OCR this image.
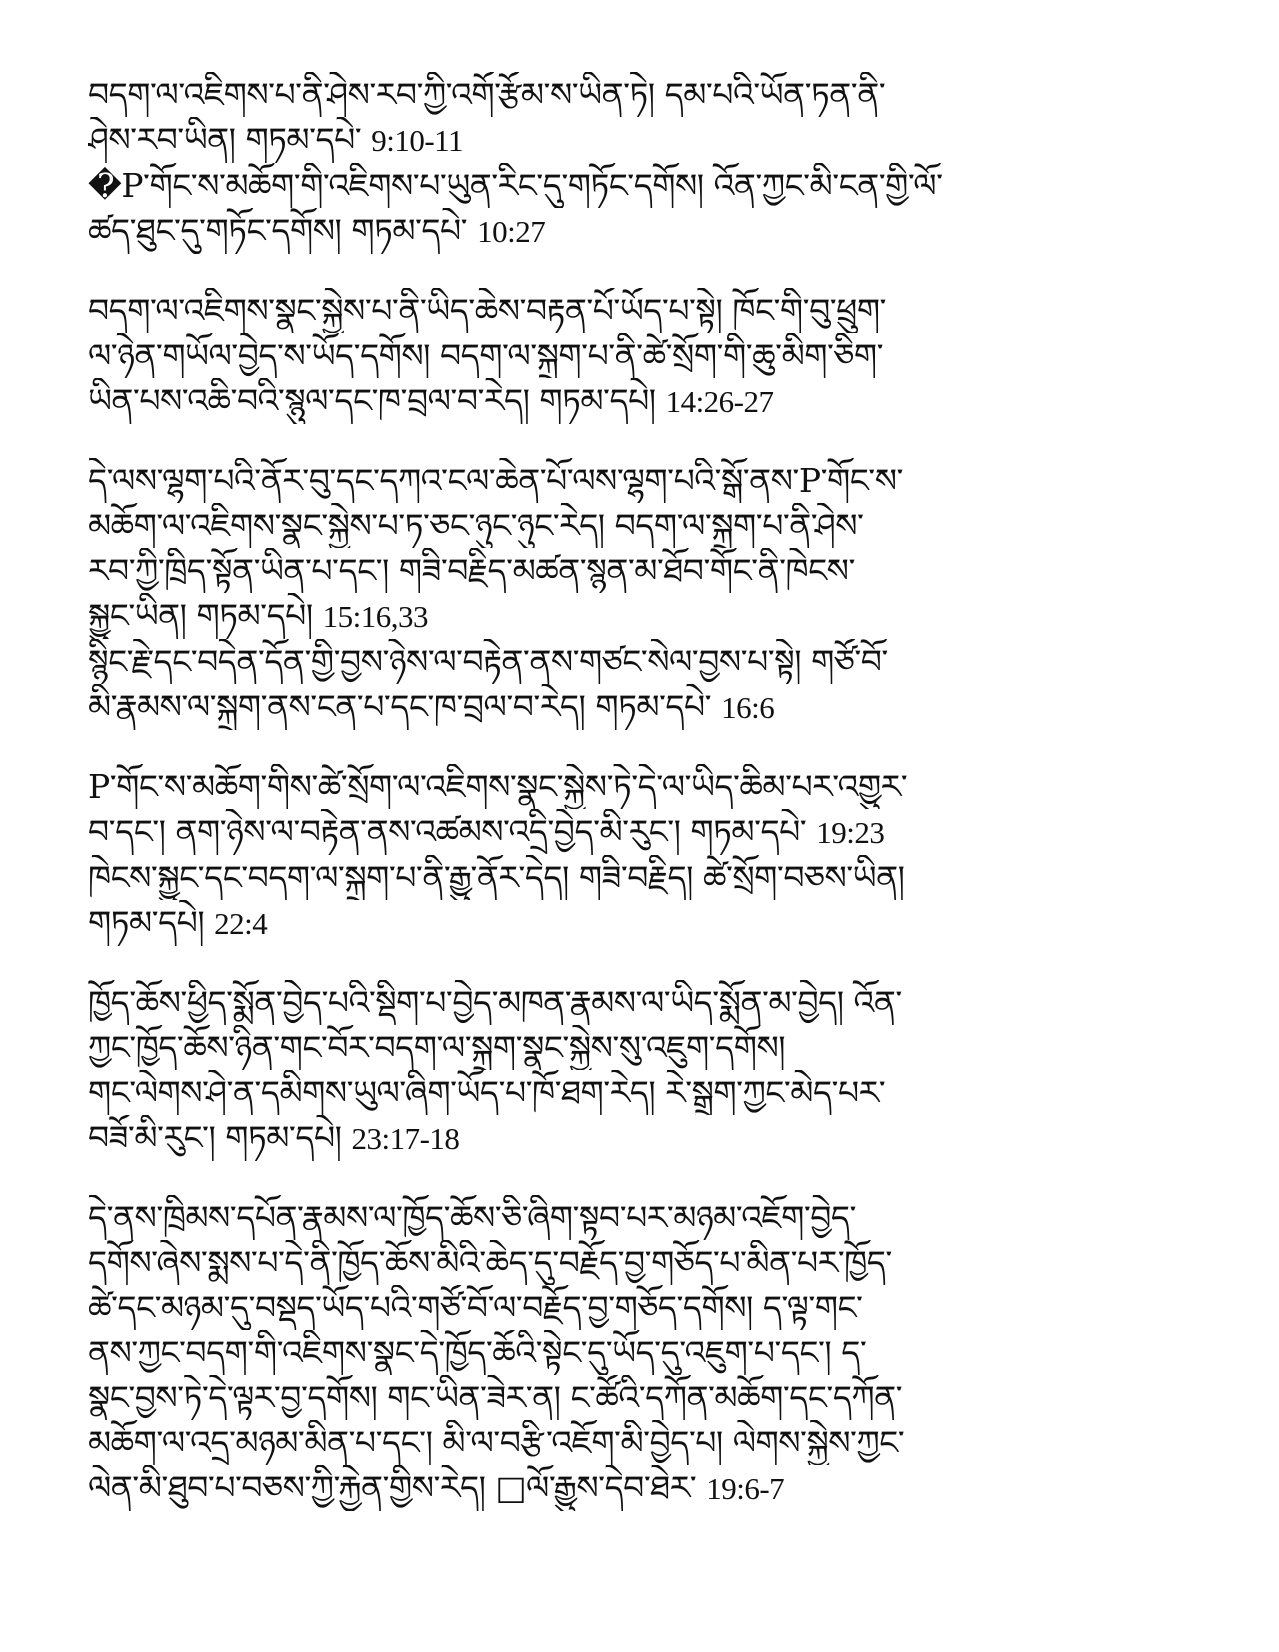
བདག་ལ་འཇིགས་པ་ནི་ཤེས་རབ་ཀྱི་འགོ་རྩོམ་ས་ཡིན་ཏེ། དམ་པའི་ཡོན་ཏན་ནི་
ཤེས་རབ་ཡིན། གཏམ་དཔེ་ 9:10-11
�P་གོང་ས་མཆོག་གི་འཇིགས་པ་ཡུན་རིང་དུ་གཏོང་དགོས། འོན་ཀྱང་མི་ངན་གྱི་ལོ་
ཚད་ཐུང་དུ་གཏོང་དགོས། གཏམ་དཔེ་ 10:27
བདག་ལ་འཇིགས་སྣང་སྐྱེས་པ་ནི་ཡིད་ཆེས་བརྟན་པོ་ཡོད་པ་སྟེ། ཁོང་གི་བུ་ཕྲུག་
ལ་ཉེན་གཡོལ་བྱེད་ས་ཡོད་དགོས། བདག་ལ་སྐྲག་པ་ནི་ཚེ་སྲོག་གི་ཆུ་མིག་ཅིག་
ཡིན་པས་འཆི་བའི་སྙུལ་དང་ཁ་བྲལ་བ་རེད། གཏམ་དཔེ། 14:26-27
དེ་ལས་ལྷག་པའི་ནོར་བུ་དང་དཀའ་ངལ་ཆེན་པོ་ལས་ལྷག་པའི་སྒོ་ནས་P་གོང་ས་
མཆོག་ལ་འཇིགས་སྣང་སྐྱེས་པ་ཏ་ཅང་ཉུང་ཉུང་རེད། བདག་ལ་སྐྲག་པ་ནི་ཤེས་
རབ་ཀྱི་ཁྲིད་སྟོན་ཡིན་པ་དང་། གཟི་བརྗིད་མཚན་སྙན་མ་ཐོབ་གོང་ནི་ཁེངས་
སྐྱུང་ཡིན། གཏམ་དཔེ། 15:16,33
སྙིང་རྗེ་དང་བདེན་དོན་གྱི་བྱས་ཉེས་ལ་བརྟེན་ནས་གཙང་སེལ་བྱས་པ་སྟེ། གཙོ་བོ་
མི་རྣམས་ལ་སྐྲག་ནས་ངན་པ་དང་ཁ་བྲལ་བ་རེད། གཏམ་དཔེ་ 16:6
P་གོང་ས་མཆོག་གིས་ཚེ་སྲོག་ལ་འཇིགས་སྣང་སྐྱེས་ཏེ་དེ་ལ་ཡིད་ཆིམ་པར་འགྱུར་
བ་དང་། ནག་ཉེས་ལ་བརྟེན་ནས་འཚམས་འདྲི་བྱེད་མི་རུང་། གཏམ་དཔེ་ 19:23
ཁེངས་སྐྱུང་དང་བདག་ལ་སྐྲག་པ་ནི་རྒྱུ་ནོར་དེད། གཟི་བརྗིད། ཚེ་སྲོག་བཅས་ཡིན།
གཏམ་དཔེ། 22:4
ཁྱོད་ཆོས་ཕྱིད་སྨོན་བྱེད་པའི་སྡིག་པ་བྱེད་མཁན་རྣམས་ལ་ཡིད་སྨོན་མ་བྱེད། འོན་
ཀྱང་ཁྱོད་ཆོས་ཉིན་གང་བོར་བདག་ལ་སྐྲག་སྣང་སྐྱེས་སུ་འཇུག་དགོས།
གང་ལེགས་ཤེ་ན་དམིགས་ཡུལ་ཞིག་ཡོད་པ་ཁོ་ཐག་རེད། རེ་སྒྲུག་ཀྱང་མེད་པར་
བཟོ་མི་རུང་། གཏམ་དཔེ། 23:17-18
དེ་ནས་ཁྲིམས་དཔོན་རྣམས་ལ་ཁྱོད་ཆོས་ཅི་ཞིག་སྟབ་པར་མཉམ་འཇོག་བྱེད་
དགོས་ཞེས་སྨས་པ་དེ་ནི་ཁྱོད་ཆོས་མིའི་ཆེད་དུ་བརྗོད་བྱ་གཅོད་པ་མིན་པར་ཁྱོད་
ཚེ་དང་མཉམ་དུ་བསྡད་ཡོད་པའི་གཙོ་བོ་ལ་བརྗོད་བྱ་གཅོད་དགོས། ད་ལྟ་གང་
ནས་ཀྱང་བདག་གི་འཇིགས་སྣང་དེ་ཁྱོད་ཆོའི་སྟེང་དུ་ཡོད་དུ་འཇུག་པ་དང་། ད་
སྣང་བྱས་ཏེ་དེ་ལྟར་བྱ་དགོས། གང་ཡིན་ཟེར་ན། ང་ཚོའི་དཀོན་མཆོག་དང་དཀོན་
མཆོག་ལ་འདྲ་མཉམ་མིན་པ་དང་། མི་ལ་བརྩི་འཇོག་མི་བྱེད་པ། ལེགས་སྐྱེས་ཀྱང་
ལེན་མི་ཐུབ་པ་བཅས་ཀྱི་རྐྱེན་གྱིས་རེད། □ལོ་རྒྱུས་དེབ་ཐེར་ 19:6-7
